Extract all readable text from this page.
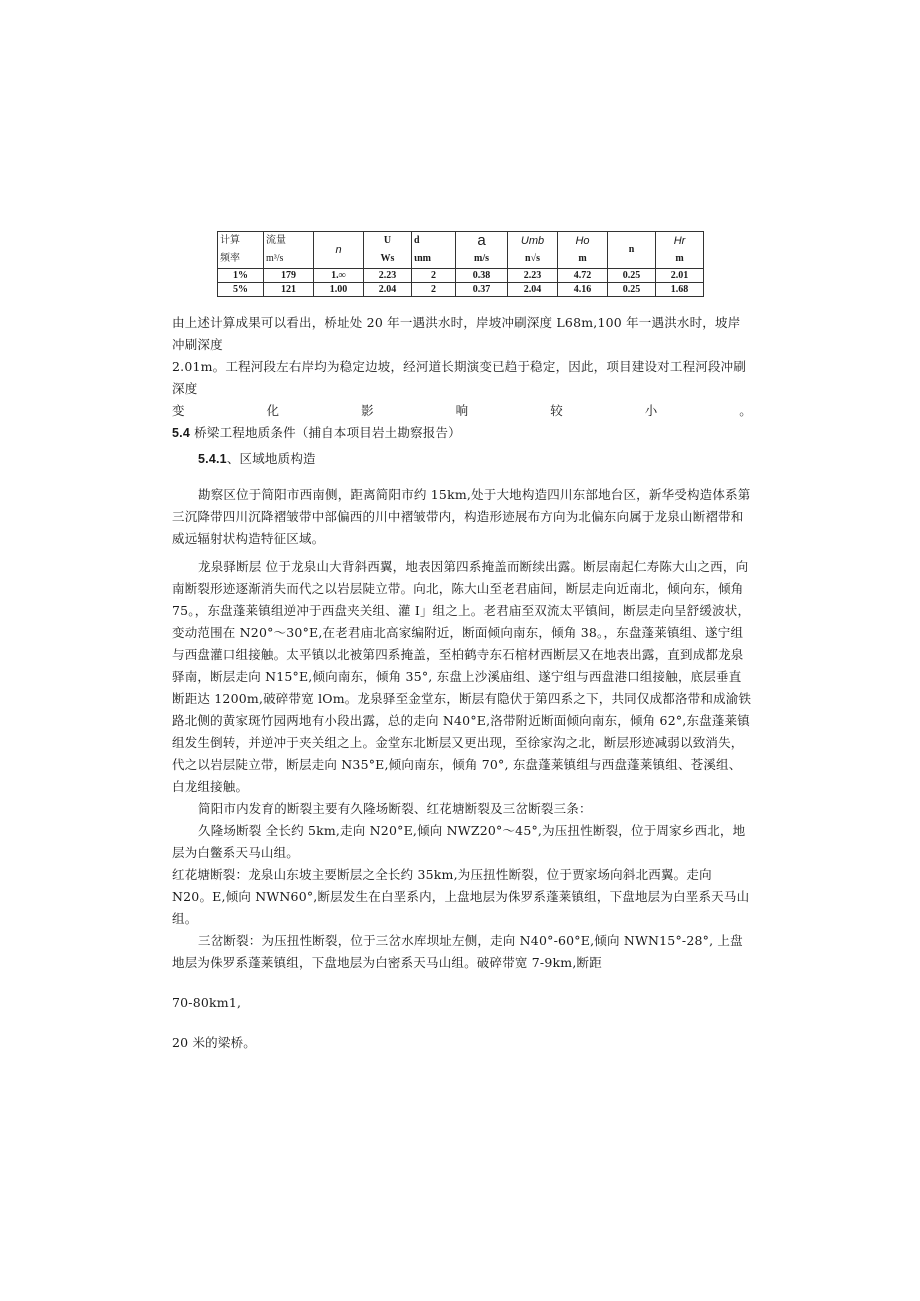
计算	流量	n	U	d	a	Umb	Ho	n	Hr
频率	m³/s		Ws	ιnm	m/s	n√s	m		m
1%	179	1.∞	2.23	2	0.38	2.23	4.72	0.25	2.01
5%	121	1.00	2.04	2	0.37	2.04	4.16	0.25	1.68

由上述计算成果可以看出，桥址处 20 年一遇洪水时，岸坡冲刷深度 L68m,100 年一遇洪水时，坡岸冲刷深度

2.01m。工程河段左右岸均为稳定边坡，经河道长期演变已趋于稳定，因此，项目建设对工程河段冲刷深度

变	化	影	响	较	小	。

5.4 桥梁工程地质条件（捕自本项目岩土勘察报告）

5.4.1、区域地质构造

勘察区位于简阳市西南侧，距离简阳市约 15km,处于大地构造四川东部地台区，新华受构造体系第三沉降带四川沉降褶皱带中部偏西的川中褶皱带内，构造形迹展布方向为北偏东向属于龙泉山断褶带和威远辐射状构造特征区域。

龙泉驿断层 位于龙泉山大背斜西翼，地表因第四系掩盖而断续出露。断层南起仁寿陈大山之西，向南断裂形迹逐渐消失而代之以岩层陡立带。向北，陈大山至老君庙间，断层走向近南北，倾向东，倾角 75。，东盘蓬莱镇组逆冲于西盘夹关组、灌 I」组之上。老君庙至双流太平镇间，断层走向呈舒缓波状，变动范围在 N20°～30°E,在老君庙北高家编附近，断面倾向南东，倾角 38。，东盘蓬莱镇组、遂宁组与西盘灌口组接触。太平镇以北被第四系掩盖，至柏鹤寺东石棺材西断层又在地表出露，直到成都龙泉驿南，断层走向 N15°E,倾向南东，倾角 35°, 东盘上沙溪庙组、遂宁组与西盘港口组接触，底层垂直断距达 1200m,破碎带宽 lOm。龙泉驿至金堂东，断层有隐伏于第四系之下，共同仅成都洛带和成渝铁路北侧的黄家斑竹园两地有小段出露，总的走向 N40°E,洛带附近断面倾向南东，倾角 62°,东盘蓬莱镇组发生倒转，并逆冲于夹关组之上。金堂东北断层又更出现，至徐家沟之北，断层形迹减弱以致消失，代之以岩层陡立带，断层走向 N35°E,倾向南东，倾角 70°, 东盘蓬莱镇组与西盘蓬莱镇组、苍溪组、白龙组接触。

简阳市内发育的断裂主要有久隆场断裂、红花塘断裂及三岔断裂三条：

久隆场断裂 全长约 5km,走向 N20°E,倾向 NWZ20°～45°,为压扭性断裂，位于周家乡西北，地层为白鳖系天马山组。

红花塘断裂：龙泉山东坡主要断层之全长约 35km,为压扭性断裂，位于贾家场向斜北西翼。走向 N20。E,倾向 NWN60°,断层发生在白垩系内，上盘地层为侏罗系蓬莱镇组，下盘地层为白垩系天马山组。

三岔断裂：为压扭性断裂，位于三岔水库坝址左侧，走向 N40°-60°E,倾向 NWN15°-28°, 上盘地层为侏罗系蓬莱镇组，下盘地层为白密系天马山组。破碎带宽 7-9km,断距

70-80km1,

20 米的梁桥。
